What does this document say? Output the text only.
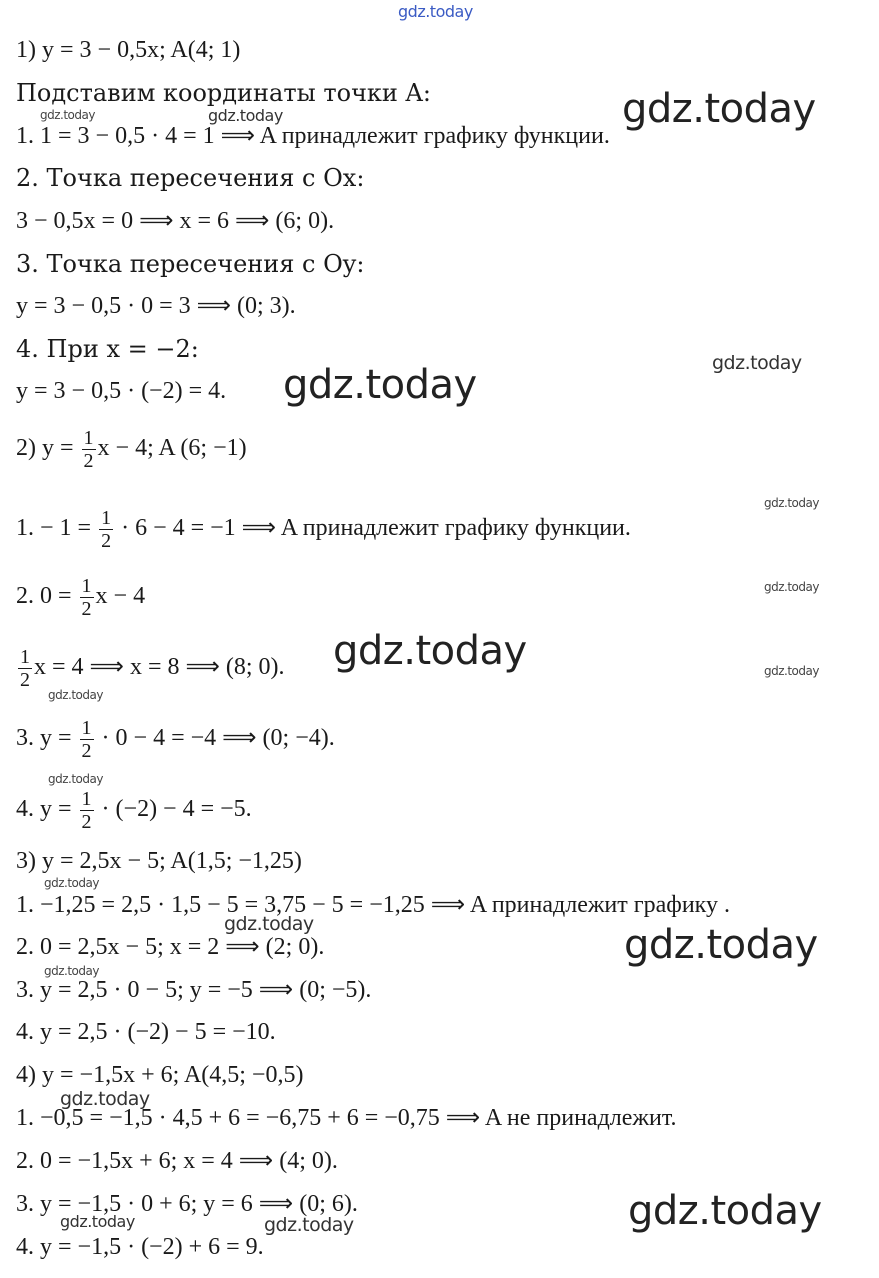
gdz.today
1) y = 3 − 0,5x; A(4; 1)
Подставим координаты точки A:
1. 1 = 3 − 0,5 · 4 = 1 ⟹ A принадлежит графику функции.
2. Точка пересечения с Ox:
3 − 0,5x = 0 ⟹ x = 6 ⟹ (6; 0).
3. Точка пересечения с Oy:
y = 3 − 0,5 · 0 = 3 ⟹ (0; 3).
4. При x = −2:
y = 3 − 0,5 · (−2) = 4.
2) $y = \frac{1}{2}$ x − 4; A (6; −1)
1. − $1 = \frac{1}{2} \cdot 6 - 4 = -1$ ⟹ A принадлежит графику функции.
2. $0 = \frac{1}{2}$ x − 4
$\frac{1}{2}$ x = 4 ⟹ x = 8 ⟹ (8; 0).
3. $y = \frac{1}{2} \cdot 0 - 4 = -4$ ⟹ (0; −4).
4. $y = \frac{1}{2} \cdot (-2) - 4 = -5$.
3) y = 2,5x − 5; A(1,5; −1,25)
1. −1,25 = 2,5 · 1,5 − 5 = 3,75 − 5 = −1,25 ⟹ A принадлежит графику .
2. 0 = 2,5x − 5; x = 2 ⟹ (2; 0).
3. y = 2,5 · 0 − 5; y = −5 ⟹ (0; −5).
4. y = 2,5 · (−2) − 5 = −10.
4) y = −1,5x + 6; A(4,5; −0,5)
1. −0,5 = −1,5 · 4,5 + 6 = −6,75 + 6 = −0,75 ⟹ A не принадлежит.
2. 0 = −1,5x + 6; x = 4 ⟹ (4; 0).
3. y = −1,5 · 0 + 6; y = 6 ⟹ (0; 6).
4. y = −1,5 · (−2) + 6 = 9.
gdz.today
gdz.today	gdz.today
gdz.today
gdz.today
gdz.today
gdz.today
gdz.today	gdz.today
gdz.today
gdz.today
gdz.today
gdz.today	gdz.today
gdz.today
gdz.today
gdz.today
gdz.today	gdz.today
